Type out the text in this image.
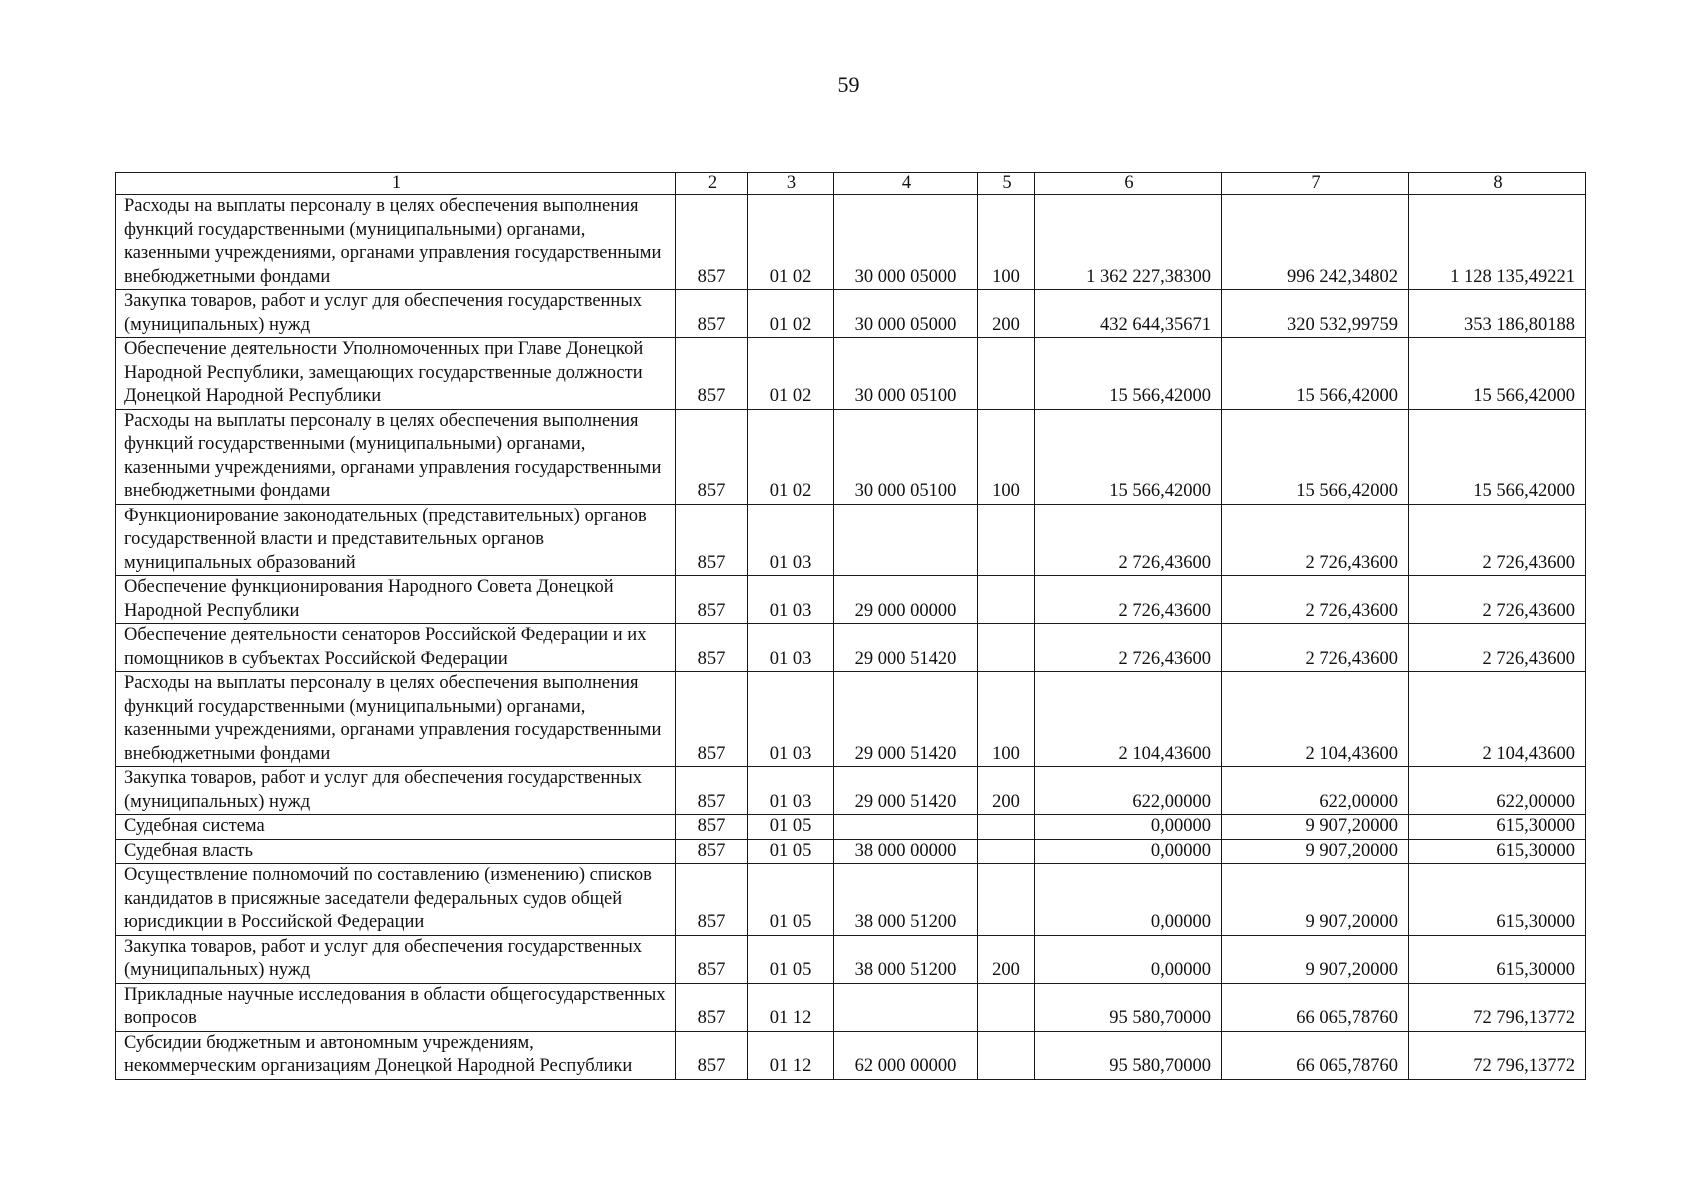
59
1	2	3	4	5	6	7	8
Расходы на выплаты персоналу в целях обеспечения выполнения функций государственными (муниципальными) органами, казенными учреждениями, органами управления государственными внебюджетными фондами	857	01 02	30 000 05000	100	1 362 227,38300	996 242,34802	1 128 135,49221
Закупка товаров, работ и услуг для обеспечения государственных (муниципальных) нужд	857	01 02	30 000 05000	200	432 644,35671	320 532,99759	353 186,80188
Обеспечение деятельности Уполномоченных при Главе Донецкой Народной Республики, замещающих государственные должности Донецкой Народной Республики	857	01 02	30 000 05100		15 566,42000	15 566,42000	15 566,42000
Расходы на выплаты персоналу в целях обеспечения выполнения функций государственными (муниципальными) органами, казенными учреждениями, органами управления государственными внебюджетными фондами	857	01 02	30 000 05100	100	15 566,42000	15 566,42000	15 566,42000
Функционирование законодательных (представительных) органов государственной власти и представительных органов муниципальных образований	857	01 03			2 726,43600	2 726,43600	2 726,43600
Обеспечение функционирования Народного Совета Донецкой Народной Республики	857	01 03	29 000 00000		2 726,43600	2 726,43600	2 726,43600
Обеспечение деятельности сенаторов Российской Федерации и их помощников в субъектах Российской Федерации	857	01 03	29 000 51420		2 726,43600	2 726,43600	2 726,43600
Расходы на выплаты персоналу в целях обеспечения выполнения функций государственными (муниципальными) органами, казенными учреждениями, органами управления государственными внебюджетными фондами	857	01 03	29 000 51420	100	2 104,43600	2 104,43600	2 104,43600
Закупка товаров, работ и услуг для обеспечения государственных (муниципальных) нужд	857	01 03	29 000 51420	200	622,00000	622,00000	622,00000
Судебная система	857	01 05			0,00000	9 907,20000	615,30000
Судебная власть	857	01 05	38 000 00000		0,00000	9 907,20000	615,30000
Осуществление полномочий по составлению (изменению) списков кандидатов в присяжные заседатели федеральных судов общей юрисдикции в Российской Федерации	857	01 05	38 000 51200		0,00000	9 907,20000	615,30000
Закупка товаров, работ и услуг для обеспечения государственных (муниципальных) нужд	857	01 05	38 000 51200	200	0,00000	9 907,20000	615,30000
Прикладные научные исследования в области общегосударственных вопросов	857	01 12			95 580,70000	66 065,78760	72 796,13772
Субсидии бюджетным и автономным учреждениям, некоммерческим организациям Донецкой Народной Республики	857	01 12	62 000 00000		95 580,70000	66 065,78760	72 796,13772
